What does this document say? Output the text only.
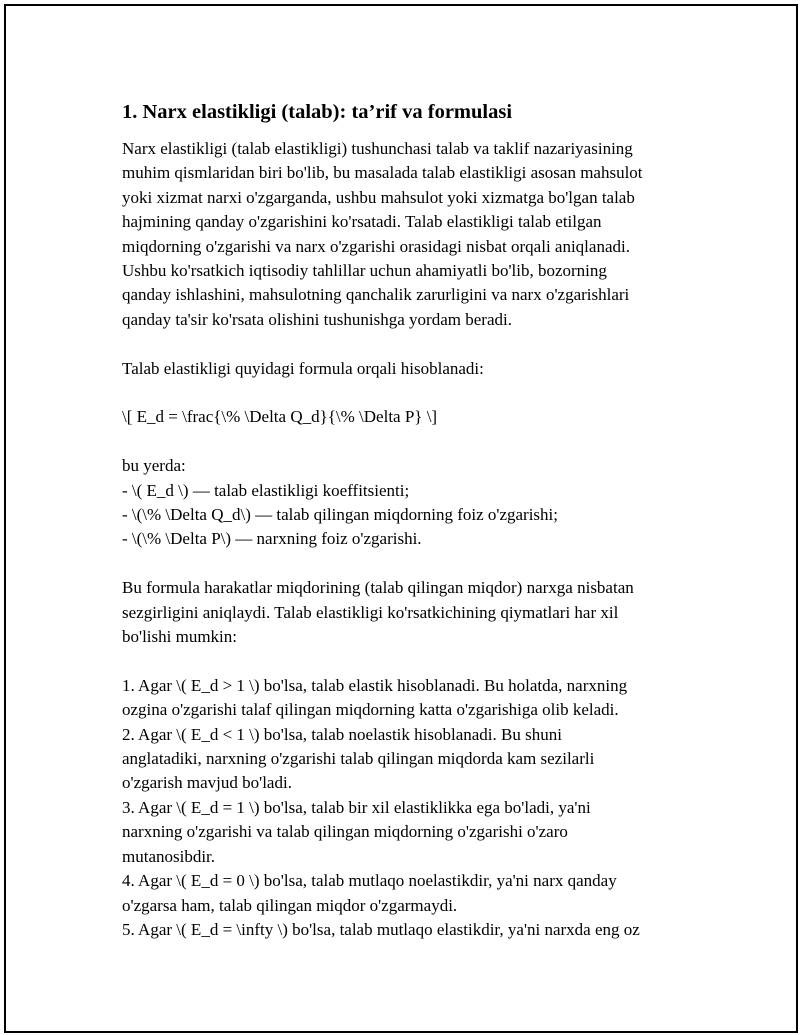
1. Narx elastikligi (talab): ta’rif va formulasi

Narx elastikligi (talab elastikligi) tushunchasi talab va taklif nazariyasining

muhim qismlaridan biri bo'lib, bu masalada talab elastikligi asosan mahsulot

yoki xizmat narxi o'zgarganda, ushbu mahsulot yoki xizmatga bo'lgan talab

hajmining qanday o'zgarishini ko'rsatadi. Talab elastikligi talab etilgan

miqdorning o'zgarishi va narx o'zgarishi orasidagi nisbat orqali aniqlanadi.

Ushbu ko'rsatkich iqtisodiy tahlillar uchun ahamiyatli bo'lib, bozorning

qanday ishlashini, mahsulotning qanchalik zarurligini va narx o'zgarishlari

qanday ta'sir ko'rsata olishini tushunishga yordam beradi.

Talab elastikligi quyidagi formula orqali hisoblanadi:

\[ E_d = \frac{\% \Delta Q_d}{\% \Delta P} \]

bu yerda:

- \( E_d \) — talab elastikligi koeffitsienti;

- \(\% \Delta Q_d\) — talab qilingan miqdorning foiz o'zgarishi;

- \(\% \Delta P\) — narxning foiz o'zgarishi.

Bu formula harakatlar miqdorining (talab qilingan miqdor) narxga nisbatan

sezgirligini aniqlaydi. Talab elastikligi ko'rsatkichining qiymatlari har xil

bo'lishi mumkin:

1. Agar \( E_d > 1 \) bo'lsa, talab elastik hisoblanadi. Bu holatda, narxning

ozgina o'zgarishi talaf qilingan miqdorning katta o'zgarishiga olib keladi.

2. Agar \( E_d < 1 \) bo'lsa, talab noelastik hisoblanadi. Bu shuni

anglatadiki, narxning o'zgarishi talab qilingan miqdorda kam sezilarli

o'zgarish mavjud bo'ladi.

3. Agar \( E_d = 1 \) bo'lsa, talab bir xil elastiklikka ega bo'ladi, ya'ni

narxning o'zgarishi va talab qilingan miqdorning o'zgarishi o'zaro

mutanosibdir.

4. Agar \( E_d = 0 \) bo'lsa, talab mutlaqo noelastikdir, ya'ni narx qanday

o'zgarsa ham, talab qilingan miqdor o'zgarmaydi.

5. Agar \( E_d = \infty \) bo'lsa, talab mutlaqo elastikdir, ya'ni narxda eng oz
